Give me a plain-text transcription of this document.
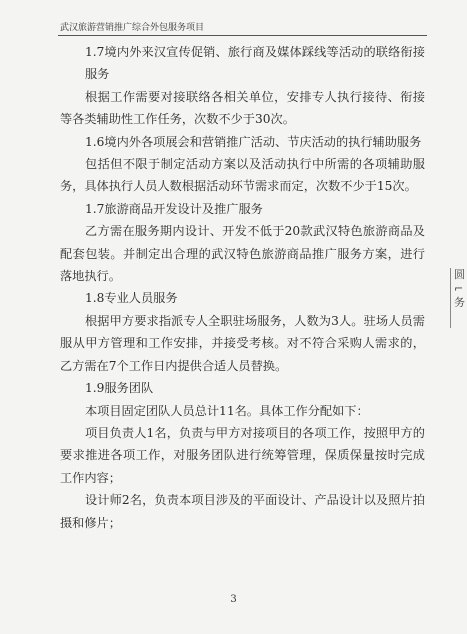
武汉旅游营销推广综合外包服务项目

1.7境内外来汉宣传促销、旅行商及媒体踩线等活动的联络衔接服务

根据工作需要对接联络各相关单位，安排专人执行接待、衔接等各类辅助性工作任务，次数不少于30次。

1.6境内外各项展会和营销推广活动、节庆活动的执行辅助服务

包括但不限于制定活动方案以及活动执行中所需的各项辅助服务，具体执行人员人数根据活动环节需求而定，次数不少于15次。

1.7旅游商品开发设计及推广服务

乙方需在服务期内设计、开发不低于20款武汉特色旅游商品及配套包装。并制定出合理的武汉特色旅游商品推广服务方案，进行落地执行。

1.8专业人员服务

根据甲方要求指派专人全职驻场服务，人数为3人。驻场人员需服从甲方管理和工作安排，并接受考核。对不符合采购人需求的，乙方需在7个工作日内提供合适人员替换。

1.9服务团队

本项目固定团队人员总计11名。具体工作分配如下：

项目负责人1名，负责与甲方对接项目的各项工作，按照甲方的要求推进各项工作，对服务团队进行统筹管理，保质保量按时完成工作内容；

设计师2名，负责本项目涉及的平面设计、产品设计以及照片拍摄和修片；

圆
⌐
务
3
